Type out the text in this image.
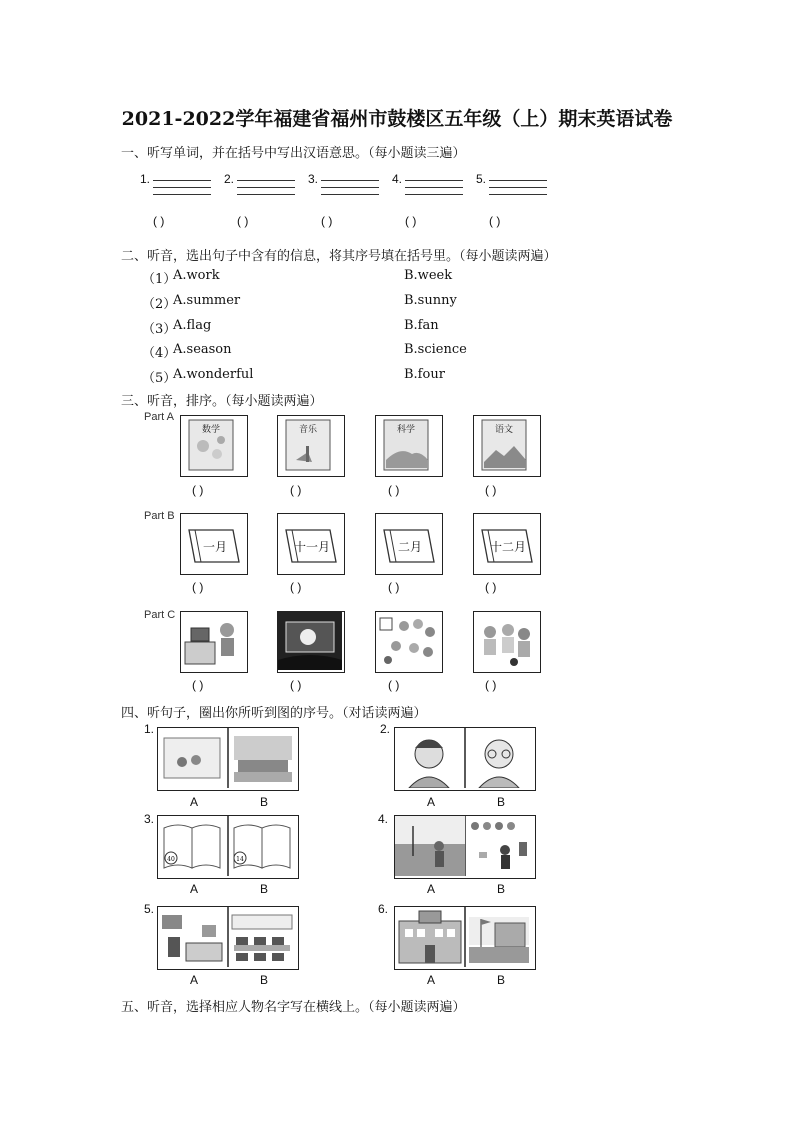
2021-2022学年福建省福州市鼓楼区五年级（上）期末英语试卷
一、听写单词，并在括号中写出汉语意思。（每小题读三遍）
1.
( )
2.
( )
3.
( )
4.
( )
5.
( )
二、听音，选出句子中含有的信息，将其序号填在括号里。（每小题读两遍）
（1）
A.work	B.week
（2）
A.summer	B.sunny
（3）
A.flag	B.fan
（4）
A.season	B.science
（5）
A.wonderful	B.four
三、听音，排序。（每小题读两遍）
Part A
数学	音乐	科学	语文
( )	( )	( )	( )
Part B
一月	十一月	二月	十二月
( )	( )	( )	( )
Part C
( )	( )	( )	( )
四、听句子，圈出你所听到图的序号。（对话读两遍）
1.
A	B
2.
A	B
3.
40	14
A	B
4.
A	B
5.
A	B
6.
A	B
五、听音，选择相应人物名字写在横线上。（每小题读两遍）
